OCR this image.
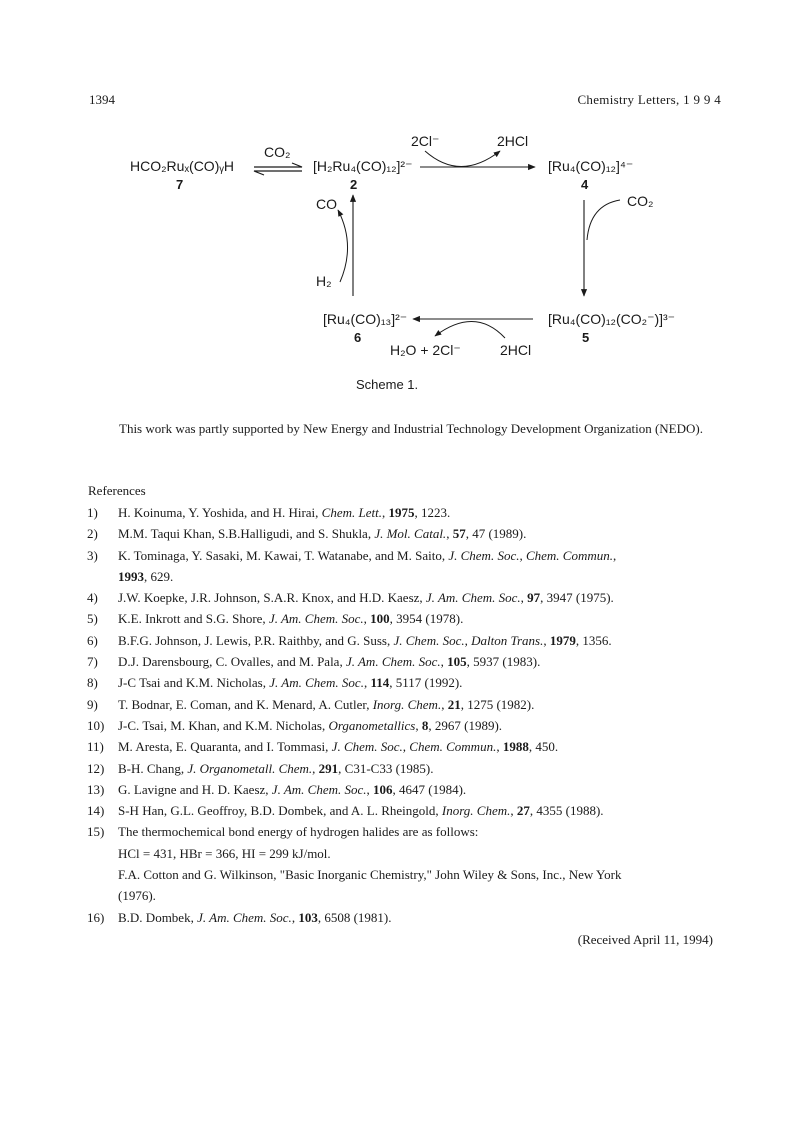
1394	Chemistry Letters, 1 9 9 4
HCO₂Ruₓ(CO)ᵧH
7
CO₂
[H₂Ru₄(CO)₁₂]²⁻
2
2Cl⁻	2HCl
[Ru₄(CO)₁₂]⁴⁻
4
CO₂
CO
H₂
[Ru₄(CO)₁₃]²⁻
6
H₂O + 2Cl⁻	2HCl
[Ru₄(CO)₁₂(CO₂⁻)]³⁻
5
Scheme 1.

This work was partly supported by New Energy and Industrial Technology Development Organization (NEDO).

References
1)	H. Koinuma, Y. Yoshida, and H. Hirai, Chem. Lett., 1975, 1223.
2)	M.M. Taqui Khan, S.B.Halligudi, and S. Shukla, J. Mol. Catal., 57, 47 (1989).
3)	K. Tominaga, Y. Sasaki, M. Kawai, T. Watanabe, and M. Saito, J. Chem. Soc., Chem. Commun.,
1993, 629.
4)	J.W. Koepke, J.R. Johnson, S.A.R. Knox, and H.D. Kaesz, J. Am. Chem. Soc., 97, 3947 (1975).
5)	K.E. Inkrott and S.G. Shore, J. Am. Chem. Soc., 100, 3954 (1978).
6)	B.F.G. Johnson, J. Lewis, P.R. Raithby, and G. Suss, J. Chem. Soc., Dalton Trans., 1979, 1356.
7)	D.J. Darensbourg, C. Ovalles, and M. Pala, J. Am. Chem. Soc., 105, 5937 (1983).
8)	J-C Tsai and K.M. Nicholas, J. Am. Chem. Soc., 114, 5117 (1992).
9)	T. Bodnar, E. Coman, and K. Menard, A. Cutler, Inorg. Chem., 21, 1275 (1982).
10)	J-C. Tsai, M. Khan, and K.M. Nicholas, Organometallics, 8, 2967 (1989).
11)	M. Aresta, E. Quaranta, and I. Tommasi, J. Chem. Soc., Chem. Commun., 1988, 450.
12)	B-H. Chang, J. Organometall. Chem., 291, C31-C33 (1985).
13)	G. Lavigne and H. D. Kaesz, J. Am. Chem. Soc., 106, 4647 (1984).
14)	S-H Han, G.L. Geoffroy, B.D. Dombek, and A. L. Rheingold, Inorg. Chem., 27, 4355 (1988).
15)	The thermochemical bond energy of hydrogen halides are as follows:
HCl = 431, HBr = 366, HI = 299 kJ/mol.
F.A. Cotton and G. Wilkinson, "Basic Inorganic Chemistry," John Wiley & Sons, Inc., New York
(1976).
16)	B.D. Dombek, J. Am. Chem. Soc., 103, 6508 (1981).
(Received April 11, 1994)
